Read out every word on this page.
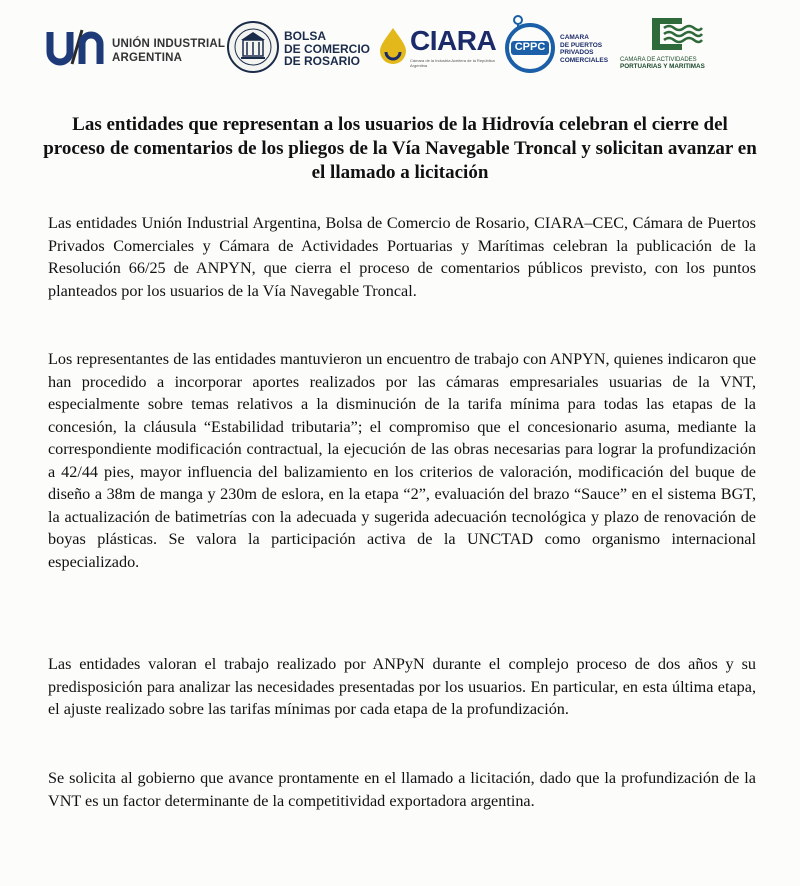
UNIÓN INDUSTRIAL
ARGENTINA
BOLSA
DE COMERCIO
DE ROSARIO
CIARA
Cámara de la Industria Aceitera de la República Argentina
CPPC
CAMARA
DE PUERTOS
PRIVADOS
COMERCIALES	CAMARA DE ACTIVIDADES
PORTUARIAS Y MARITIMAS
Las entidades que representan a los usuarios de la Hidrovía celebran el cierre del proceso de comentarios de los pliegos de la Vía Navegable Troncal y solicitan avanzar en el llamado a licitación

Las entidades Unión Industrial Argentina, Bolsa de Comercio de Rosario, CIARA–CEC, Cámara de Puertos Privados Comerciales y Cámara de Actividades Portuarias y Marítimas celebran la publicación de la Resolución 66/25 de ANPYN, que cierra el proceso de comentarios públicos previsto, con los puntos planteados por los usuarios de la Vía Navegable Troncal.

Los representantes de las entidades mantuvieron un encuentro de trabajo con ANPYN, quienes indicaron que han procedido a incorporar aportes realizados por las cámaras empresariales usuarias de la VNT, especialmente sobre temas relativos a la disminución de la tarifa mínima para todas las etapas de la concesión, la cláusula “Estabilidad tributaria”; el compromiso que el concesionario asuma, mediante la correspondiente modificación contractual, la ejecución de las obras necesarias para lograr la profundización a 42/44 pies, mayor influencia del balizamiento en los criterios de valoración, modificación del buque de diseño a 38m de manga y 230m de eslora, en la etapa “2”, evaluación del brazo “Sauce” en el sistema BGT, la actualización de batimetrías con la adecuada y sugerida adecuación tecnológica y plazo de renovación de boyas plásticas. Se valora la participación activa de la UNCTAD como organismo internacional especializado.

Las entidades valoran el trabajo realizado por ANPyN durante el complejo proceso de dos años y su predisposición para analizar las necesidades presentadas por los usuarios. En particular, en esta última etapa, el ajuste realizado sobre las tarifas mínimas por cada etapa de la profundización.

Se solicita al gobierno que avance prontamente en el llamado a licitación, dado que la profundización de la VNT es un factor determinante de la competitividad exportadora argentina.
